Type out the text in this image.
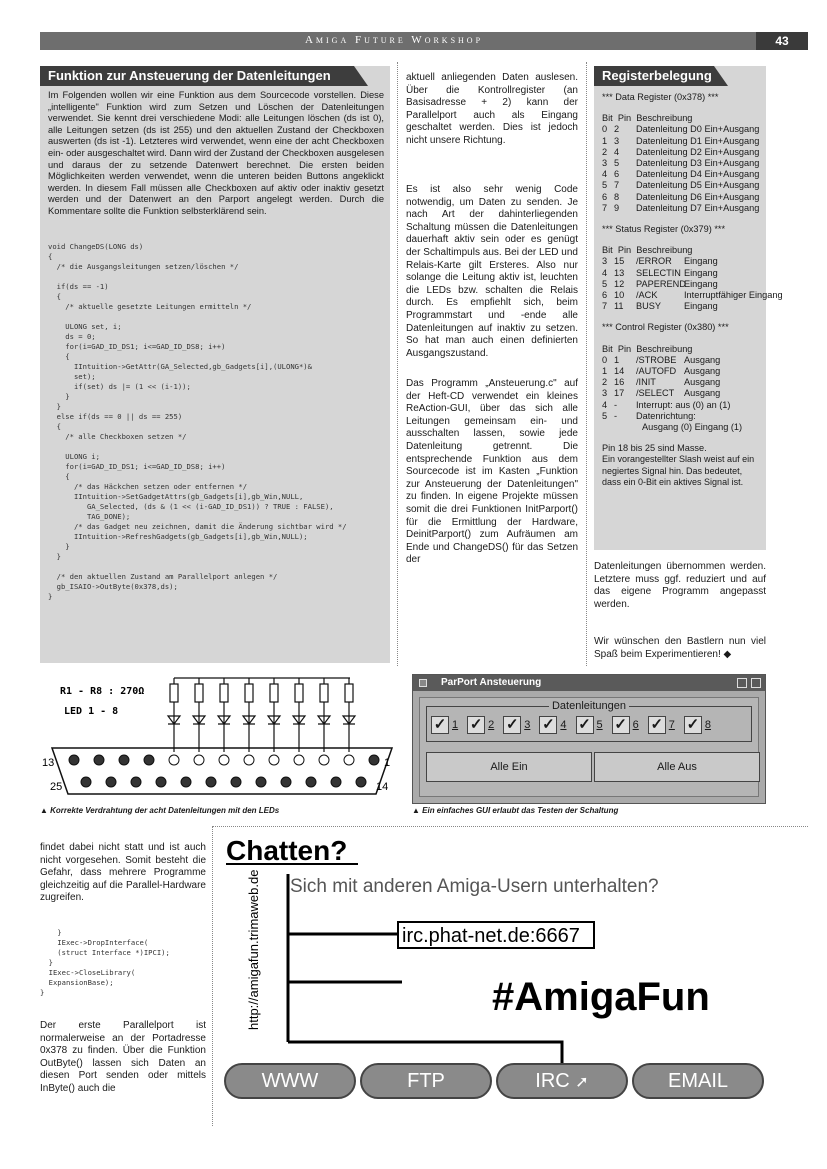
Amiga Future Workshop	43
Funktion zur Ansteuerung der Datenleitungen
Im Folgenden wollen wir eine Funktion aus dem Sourcecode vorstellen. Diese „intelligente" Funktion wird zum Setzen und Löschen der Datenleitungen verwendet. Sie kennt drei verschiedene Modi: alle Leitungen löschen (ds ist 0), alle Leitungen setzen (ds ist 255) und den aktuellen Zustand der Checkboxen auswerten (ds ist -1). Letzteres wird verwendet, wenn eine der acht Checkboxen ein- oder ausgeschaltet wird. Dann wird der Zustand der Checkboxen ausgelesen und daraus der zu setzende Datenwert berechnet. Die ersten beiden Möglichkeiten werden verwendet, wenn die unteren beiden Buttons angeklickt werden. In diesem Fall müssen alle Checkboxen auf aktiv oder inaktiv gesetzt werden und der Datenwert an den Parport angelegt werden. Durch die Kommentare sollte die Funktion selbsterklärend sein.
void ChangeDS(LONG ds)
{
/* die Ausgangsleitungen setzen/löschen */

if(ds == -1)
{
/* aktuelle gesetzte Leitungen ermitteln */

ULONG set, i;
ds = 0;
for(i=GAD_ID_DS1; i<=GAD_ID_DS8; i++)
{
IIntuition->GetAttr(GA_Selected,gb_Gadgets[i],(ULONG*)&
set);
if(set) ds |= (1 << (i-1));
}
}
else if(ds == 0 || ds == 255)
{
/* alle Checkboxen setzen */

ULONG i;
for(i=GAD_ID_DS1; i<=GAD_ID_DS8; i++)
{
/* das Häckchen setzen oder entfernen */
IIntuition->SetGadgetAttrs(gb_Gadgets[i],gb_Win,NULL,
GA_Selected, (ds & (1 << (i-GAD_ID_DS1)) ? TRUE : FALSE),
TAG_DONE);
/* das Gadget neu zeichnen, damit die Änderung sichtbar wird */
IIntuition->RefreshGadgets(gb_Gadgets[i],gb_Win,NULL);
}
}

/* den aktuellen Zustand am Parallelport anlegen */
gb_ISAIO->OutByte(0x378,ds);
}
aktuell anliegenden Daten auslesen. Über die Kontrollregister (an Basisadresse + 2) kann der Parallelport auch als Eingang geschaltet werden. Dies ist jedoch nicht unsere Richtung.
Es ist also sehr wenig Code notwendig, um Daten zu senden. Je nach Art der dahinterliegenden Schaltung müssen die Datenleitungen dauerhaft aktiv sein oder es genügt der Schaltimpuls aus. Bei der LED und Relais-Karte gilt Ersteres. Also nur solange die Leitung aktiv ist, leuchten die LEDs bzw. schalten die Relais durch. Es empfiehlt sich, beim Programmstart und -ende alle Datenleitungen auf inaktiv zu setzen. So hat man auch einen definierten Ausgangszustand.
Das Programm „Ansteuerung.c" auf der Heft-CD verwendet ein kleines ReAction-GUI, über das sich alle Leitungen gemeinsam ein- und ausschalten lassen, sowie jede Datenleitung getrennt. Die entsprechende Funktion aus dem Sourcecode ist im Kasten „Funktion zur Ansteuerung der Datenleitungen" zu finden. In eigene Projekte müssen somit die drei Funktionen InitParport() für die Ermittlung der Hardware, DeinitParport() zum Aufräumen am Ende und ChangeDS() für das Setzen der
Registerbelegung
*** Data Register (0x378) ***
Bit Pin Beschreibung
0 2 Datenleitung D0 Ein+Ausgang
1 3 Datenleitung D1 Ein+Ausgang
2 4 Datenleitung D2 Ein+Ausgang
3 5 Datenleitung D3 Ein+Ausgang
4 6 Datenleitung D4 Ein+Ausgang
5 7 Datenleitung D5 Ein+Ausgang
6 8 Datenleitung D6 Ein+Ausgang
7 9 Datenleitung D7 Ein+Ausgang
*** Status Register (0x379) ***
Bit Pin Beschreibung
3 15 /ERROR Eingang
4 13 SELECTIN Eingang
5 12 PAPERENDEingang
6 10 /ACK	Interruptfähiger Eingang
7 11 BUSY Eingang
*** Control Register (0x380) ***
Bit Pin Beschreibung
0 1 /STROBE Ausgang
1 14 /AUTOFD Ausgang
2 16 /INIT	Ausgang
3 17 /SELECT Ausgang
4 - Interrupt: aus (0) an (1)
5 - Datenrichtung:
Ausgang (0) Eingang (1)
Pin 18 bis 25 sind Masse.
Ein vorangestellter Slash weist auf ein negiertes Signal hin. Das bedeutet, dass ein 0-Bit ein aktives Signal ist.
Datenleitungen übernommen werden. Letztere muss ggf. reduziert und auf das eigene Programm angepasst werden.
Wir wünschen den Bastlern nun viel Spaß beim Experimentieren! ◆
R1 - R8 : 270Ω
LED 1 - 8
13	1
25	14
▲ Korrekte Verdrahtung der acht Datenleitungen mit den LEDs
ParPort Ansteuerung
Datenleitungen
✓ 1 ✓ 2 ✓ 3 ✓ 4 ✓ 5 ✓ 6 ✓ 7 ✓ 8
Alle Ein	Alle Aus
▲ Ein einfaches GUI erlaubt das Testen der Schaltung
findet dabei nicht statt und ist auch nicht vorgesehen. Somit besteht die Gefahr, dass mehrere Programme gleichzeitig auf die Parallel-Hardware zugreifen.
}
IExec->DropInterface(
(struct Interface *)IPCI);
}
IExec->CloseLibrary(
ExpansionBase);
}
Der erste Parallelport ist normalerweise an der Portadresse 0x378 zu finden. Über die Funktion OutByte() lassen sich Daten an diesen Port senden oder mittels InByte() auch die
Chatten?
Sich mit anderen Amiga-Usern unterhalten?
irc.phat-net.de:6667
#AmigaFun
http://amigafun.trimaweb.de
WWW	FTP	IRC ➚	EMAIL
